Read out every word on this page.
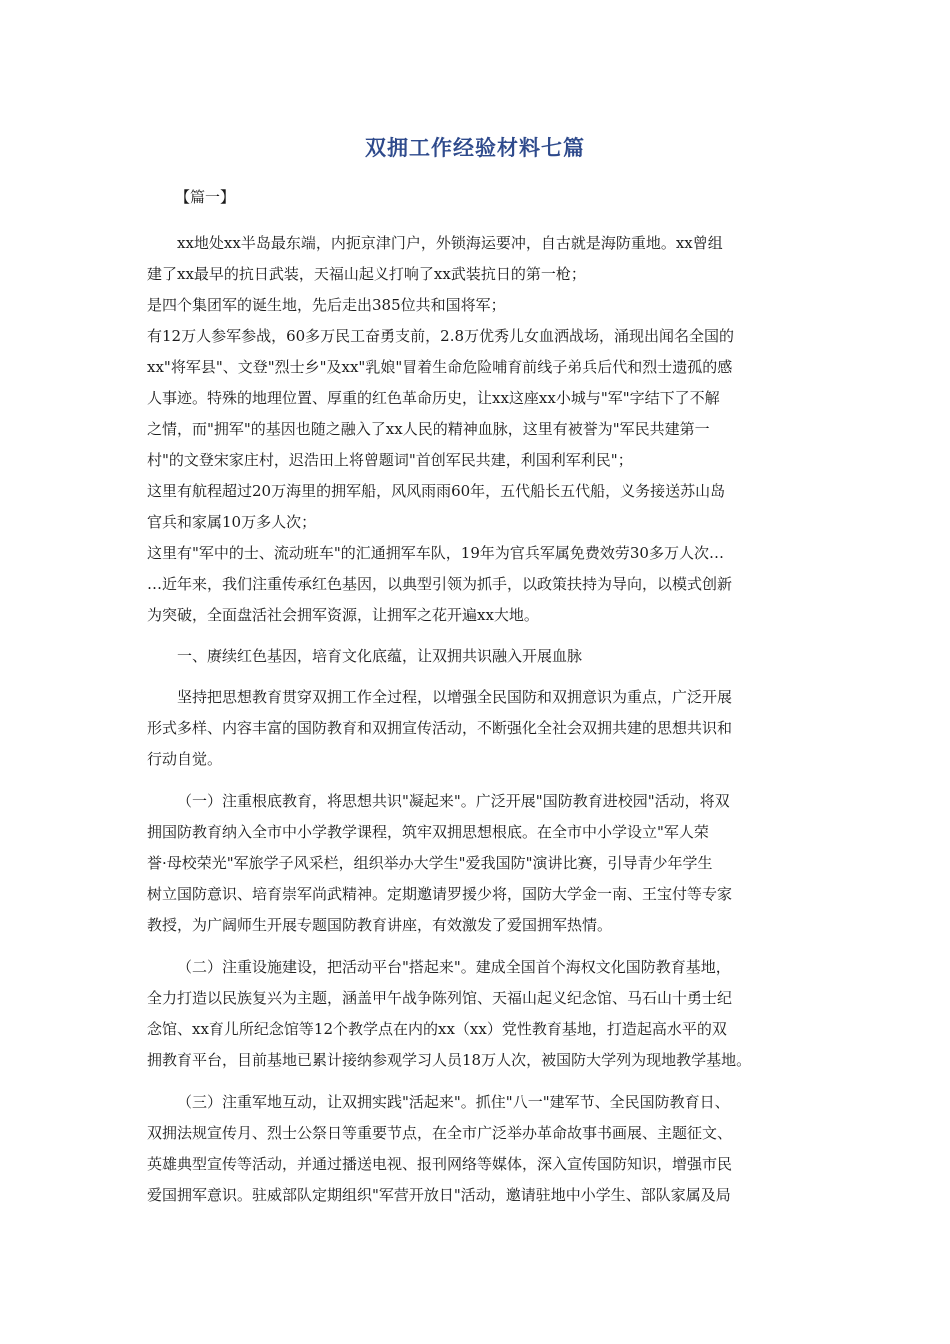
双拥工作经验材料七篇
【篇一】

xx地处xx半岛最东端，内扼京津门户，外锁海运要冲，自古就是海防重地。xx曾组
建了xx最早的抗日武装，天福山起义打响了xx武装抗日的第一枪；
是四个集团军的诞生地，先后走出385位共和国将军；
有12万人参军参战，60多万民工奋勇支前，2.8万优秀儿女血洒战场，涌现出闻名全国的
xx"将军县"、文登"烈士乡"及xx"乳娘"冒着生命危险哺育前线子弟兵后代和烈士遗孤的感
人事迹。特殊的地理位置、厚重的红色革命历史，让xx这座xx小城与"军"字结下了不解
之情，而"拥军"的基因也随之融入了xx人民的精神血脉，这里有被誉为"军民共建第一
村"的文登宋家庄村，迟浩田上将曾题词"首创军民共建，利国利军利民"；
这里有航程超过20万海里的拥军船，风风雨雨60年，五代船长五代船，义务接送苏山岛
官兵和家属10万多人次；
这里有"军中的士、流动班车"的汇通拥军车队，19年为官兵军属免费效劳30多万人次…
…近年来，我们注重传承红色基因，以典型引领为抓手，以政策扶持为导向，以模式创新
为突破，全面盘活社会拥军资源，让拥军之花开遍xx大地。

一、赓续红色基因，培育文化底蕴，让双拥共识融入开展血脉

坚持把思想教育贯穿双拥工作全过程，以增强全民国防和双拥意识为重点，广泛开展
形式多样、内容丰富的国防教育和双拥宣传活动，不断强化全社会双拥共建的思想共识和
行动自觉。

（一）注重根底教育，将思想共识"凝起来"。广泛开展"国防教育进校园"活动，将双
拥国防教育纳入全市中小学教学课程，筑牢双拥思想根底。在全市中小学设立"军人荣
誉·母校荣光"军旅学子风采栏，组织举办大学生"爱我国防"演讲比赛，引导青少年学生
树立国防意识、培育崇军尚武精神。定期邀请罗援少将，国防大学金一南、王宝付等专家
教授，为广阔师生开展专题国防教育讲座，有效激发了爱国拥军热情。

（二）注重设施建设，把活动平台"搭起来"。建成全国首个海权文化国防教育基地，
全力打造以民族复兴为主题，涵盖甲午战争陈列馆、天福山起义纪念馆、马石山十勇士纪
念馆、xx育儿所纪念馆等12个教学点在内的xx（xx）党性教育基地，打造起高水平的双
拥教育平台，目前基地已累计接纳参观学习人员18万人次，被国防大学列为现地教学基地。

（三）注重军地互动，让双拥实践"活起来"。抓住"八一"建军节、全民国防教育日、
双拥法规宣传月、烈士公祭日等重要节点，在全市广泛举办革命故事书画展、主题征文、
英雄典型宣传等活动，并通过播送电视、报刊网络等媒体，深入宣传国防知识，增强市民
爱国拥军意识。驻威部队定期组织"军营开放日"活动，邀请驻地中小学生、部队家属及局
